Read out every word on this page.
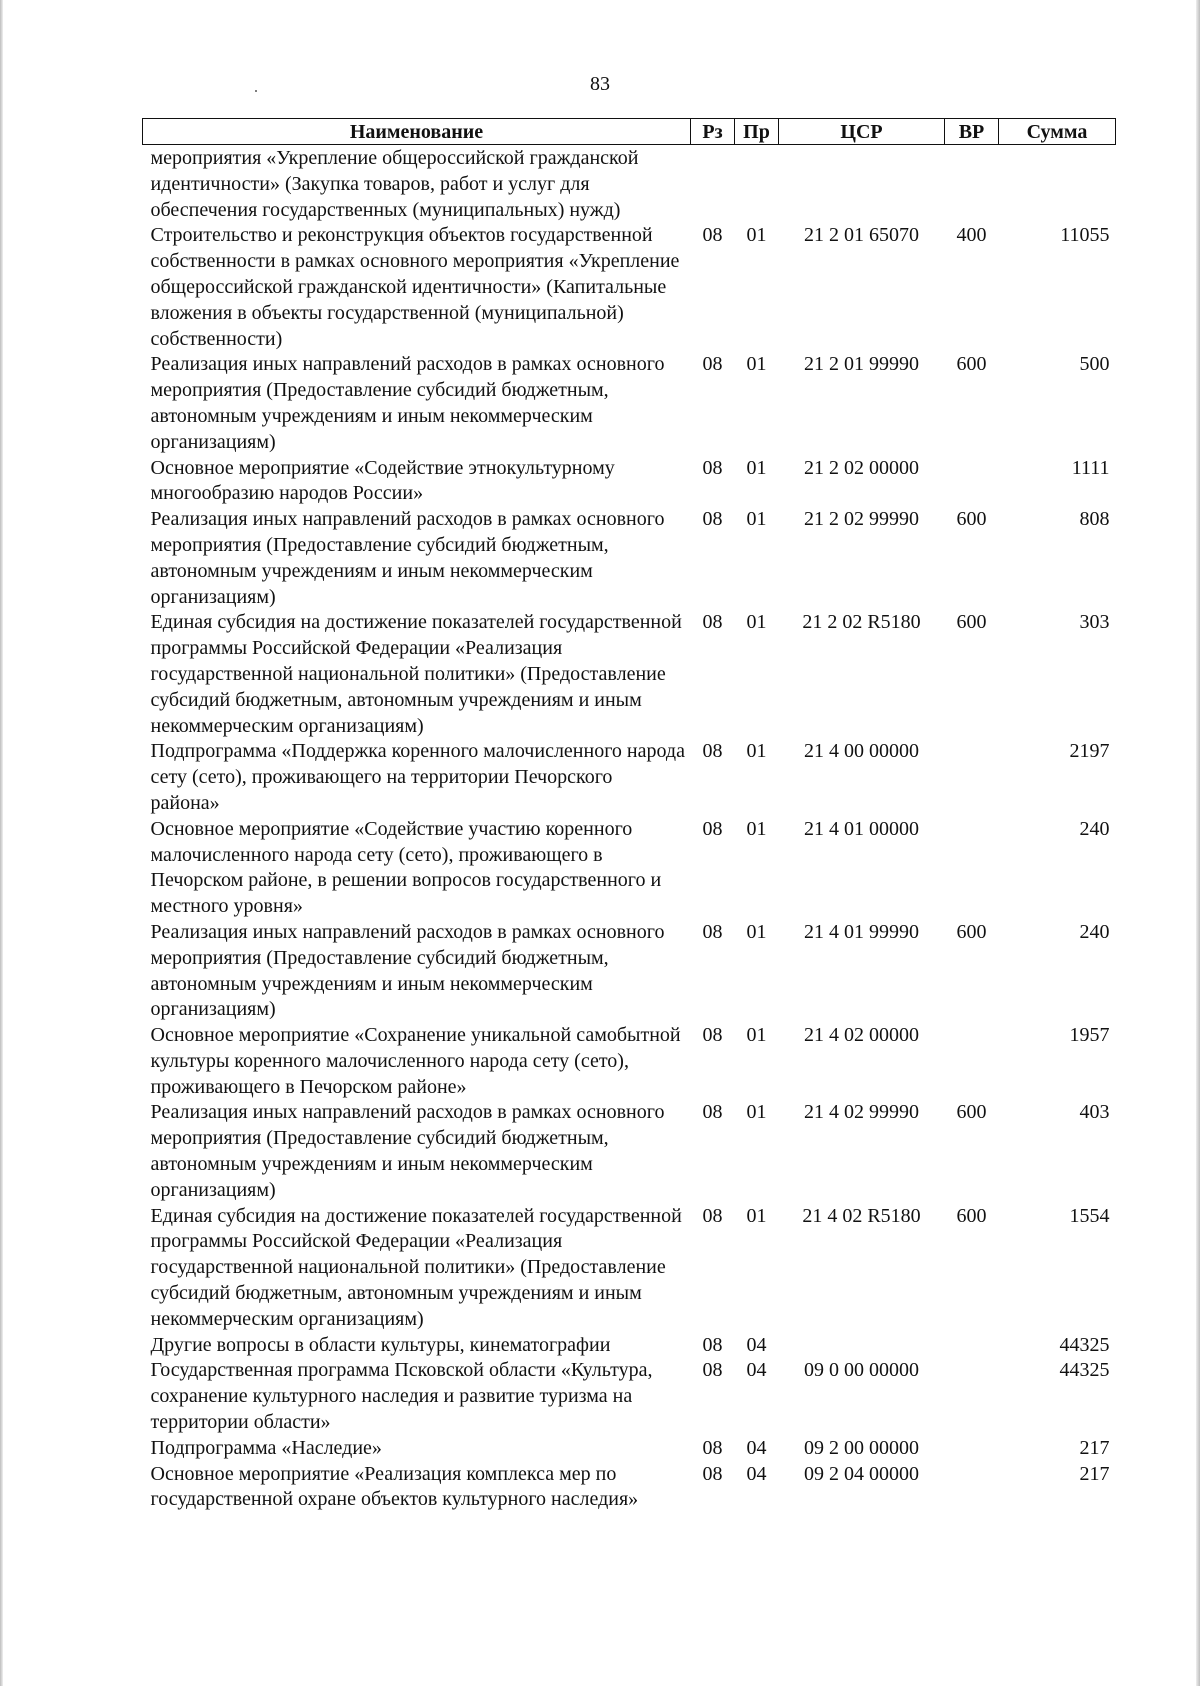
83
Наименование	Рз	Пр	ЦСР	ВР	Сумма
мероприятия «Укрепление общероссийской гражданской идентичности» (Закупка товаров, работ и услуг для обеспечения государственных (муниципальных) нужд)					
Строительство и реконструкция объектов государственной собственности в рамках основного мероприятия «Укрепление общероссийской гражданской идентичности» (Капитальные вложения в объекты государственной (муниципальной) собственности)	08	01	21 2 01 65070	400	11055
Реализация иных направлений расходов в рамках основного мероприятия (Предоставление субсидий бюджетным, автономным учреждениям и иным некоммерческим организациям)	08	01	21 2 01 99990	600	500
Основное мероприятие «Содействие этнокультурному многообразию народов России»	08	01	21 2 02 00000		1111
Реализация иных направлений расходов в рамках основного мероприятия (Предоставление субсидий бюджетным, автономным учреждениям и иным некоммерческим организациям)	08	01	21 2 02 99990	600	808
Единая субсидия на достижение показателей государственной программы Российской Федерации «Реализация государственной национальной политики» (Предоставление субсидий бюджетным, автономным учреждениям и иным некоммерческим организациям)	08	01	21 2 02 R5180	600	303
Подпрограмма «Поддержка коренного малочисленного народа сету (сето), проживающего на территории Печорского района»	08	01	21 4 00 00000		2197
Основное мероприятие «Содействие участию коренного малочисленного народа сету (сето), проживающего в Печорском районе, в решении вопросов государственного и местного уровня»	08	01	21 4 01 00000		240
Реализация иных направлений расходов в рамках основного мероприятия (Предоставление субсидий бюджетным, автономным учреждениям и иным некоммерческим организациям)	08	01	21 4 01 99990	600	240
Основное мероприятие «Сохранение уникальной самобытной культуры коренного малочисленного народа сету (сето), проживающего в Печорском районе»	08	01	21 4 02 00000		1957
Реализация иных направлений расходов в рамках основного мероприятия (Предоставление субсидий бюджетным, автономным учреждениям и иным некоммерческим организациям)	08	01	21 4 02 99990	600	403
Единая субсидия на достижение показателей государственной программы Российской Федерации «Реализация государственной национальной политики» (Предоставление субсидий бюджетным, автономным учреждениям и иным некоммерческим организациям)	08	01	21 4 02 R5180	600	1554
Другие вопросы в области культуры, кинематографии	08	04			44325
Государственная программа Псковской области «Культура, сохранение культурного наследия и развитие туризма на территории области»	08	04	09 0 00 00000		44325
Подпрограмма «Наследие»	08	04	09 2 00 00000		217
Основное мероприятие «Реализация комплекса мер по государственной охране объектов культурного наследия»	08	04	09 2 04 00000		217
